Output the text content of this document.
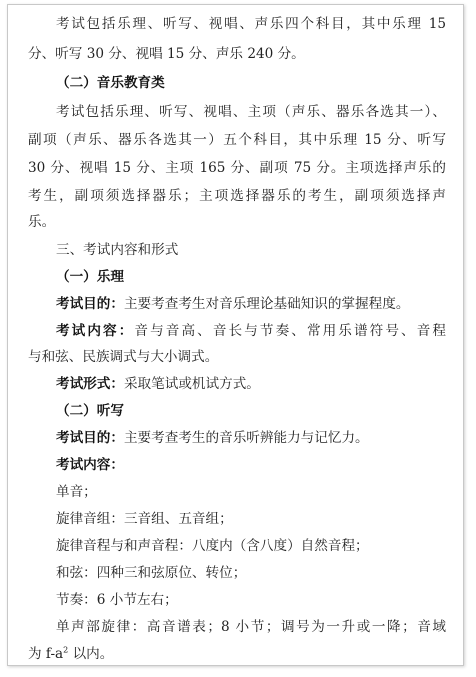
考试包括乐理、听写、视唱、声乐四个科目，其中乐理 15
分、听写 30 分、视唱 15 分、声乐 240 分。
（二）音乐教育类
考试包括乐理、听写、视唱、主项（声乐、器乐各选其一）、
副项（声乐、器乐各选其一）五个科目，其中乐理 15 分、听写
30 分、视唱 15 分、主项 165 分、副项 75 分。主项选择声乐的
考生，副项须选择器乐；主项选择器乐的考生，副项须选择声
乐。
三、考试内容和形式
（一）乐理
考试目的：主要考查考生对音乐理论基础知识的掌握程度。
考试内容：音与音高、音长与节奏、常用乐谱符号、音程
与和弦、民族调式与大小调式。
考试形式：采取笔试或机试方式。
（二）听写
考试目的：主要考查考生的音乐听辨能力与记忆力。
考试内容：
单音；
旋律音组：三音组、五音组；
旋律音程与和声音程：八度内（含八度）自然音程；
和弦：四种三和弦原位、转位；
节奏：6 小节左右；
单声部旋律：高音谱表；8 小节；调号为一升或一降；音域
为 $f-a^2$ 以内。
